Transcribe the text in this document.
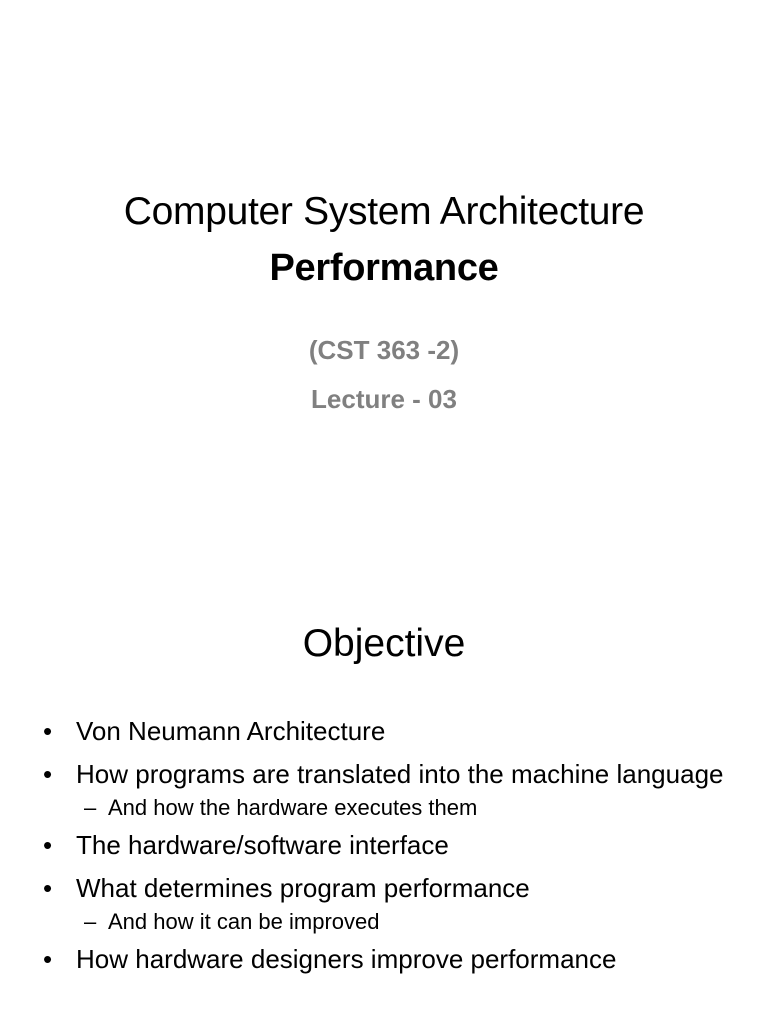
Computer System Architecture
Performance
(CST 363 -2)
Lecture - 03
Objective
• Von Neumann Architecture
• How programs are translated into the machine language
– And how the hardware executes them
• The hardware/software interface
• What determines program performance
– And how it can be improved
• How hardware designers improve performance
